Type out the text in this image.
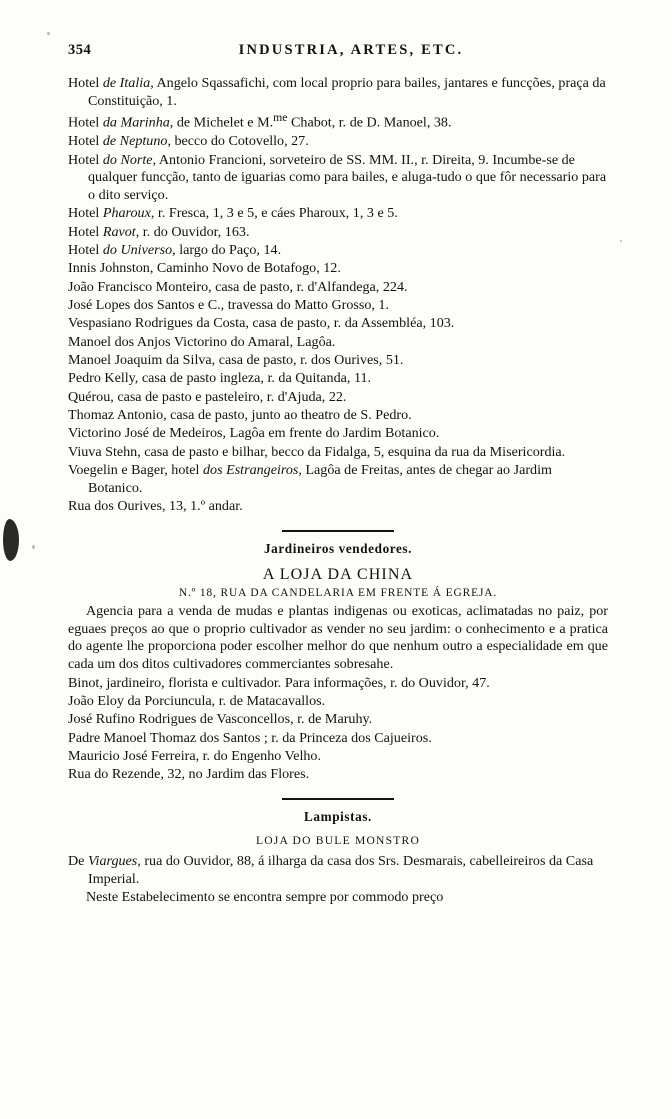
354	INDUSTRIA, ARTES, ETC.
Hotel de Italia, Angelo Sqassafichi, com local proprio para bailes, jantares e funcções, praça da Constituição, 1.
Hotel da Marinha, de Michelet e M.$^{me}$ Chabot, r. de D. Manoel, 38.
Hotel de Neptuno, becco do Cotovello, 27.
Hotel do Norte, Antonio Francioni, sorveteiro de SS. MM. II., r. Direita, 9. Incumbe-se de qualquer funcção, tanto de iguarias como para bailes, e aluga-tudo o que fôr necessario para o dito serviço.
Hotel Pharoux, r. Fresca, 1, 3 e 5, e cáes Pharoux, 1, 3 e 5.
Hotel Ravot, r. do Ouvidor, 163.
Hotel do Universo, largo do Paço, 14.
Innis Johnston, Caminho Novo de Botafogo, 12.
João Francisco Monteiro, casa de pasto, r. d'Alfandega, 224.
José Lopes dos Santos e C., travessa do Matto Grosso, 1.
Vespasiano Rodrigues da Costa, casa de pasto, r. da Assembléa, 103.
Manoel dos Anjos Victorino do Amaral, Lagôa.
Manoel Joaquim da Silva, casa de pasto, r. dos Ourives, 51.
Pedro Kelly, casa de pasto ingleza, r. da Quitanda, 11.
Quérou, casa de pasto e pasteleiro, r. d'Ajuda, 22.
Thomaz Antonio, casa de pasto, junto ao theatro de S. Pedro.
Victorino José de Medeiros, Lagôa em frente do Jardim Botanico.
Viuva Stehn, casa de pasto e bilhar, becco da Fidalga, 5, esquina da rua da Misericordia.
Voegelin e Bager, hotel dos Estrangeiros, Lagôa de Freitas, antes de chegar ao Jardim Botanico.
Rua dos Ourives, 13, 1.º andar.
Jardineiros vendedores.
A LOJA DA CHINA
N.º 18, RUA DA CANDELARIA EM FRENTE Á EGREJA.
Agencia para a venda de mudas e plantas indigenas ou exoticas, aclimatadas no paiz, por eguaes preços ao que o proprio cultivador as vender no seu jardim: o conhecimento e a pratica do agente lhe proporciona poder escolher melhor do que nenhum outro a especialidade em que cada um dos ditos cultivadores commerciantes sobresahe.
Binot, jardineiro, florista e cultivador. Para informações, r. do Ouvidor, 47.
João Eloy da Porciuncula, r. de Matacavallos.
José Rufino Rodrigues de Vasconcellos, r. de Maruhy.
Padre Manoel Thomaz dos Santos ; r. da Princeza dos Cajueiros.
Mauricio José Ferreira, r. do Engenho Velho.
Rua do Rezende, 32, no Jardim das Flores.
Lampistas.
LOJA DO BULE MONSTRO
De Viargues, rua do Ouvidor, 88, á ilharga da casa dos Srs. Desmarais, cabelleireiros da Casa Imperial.
Neste Estabelecimento se encontra sempre por commodo preço
